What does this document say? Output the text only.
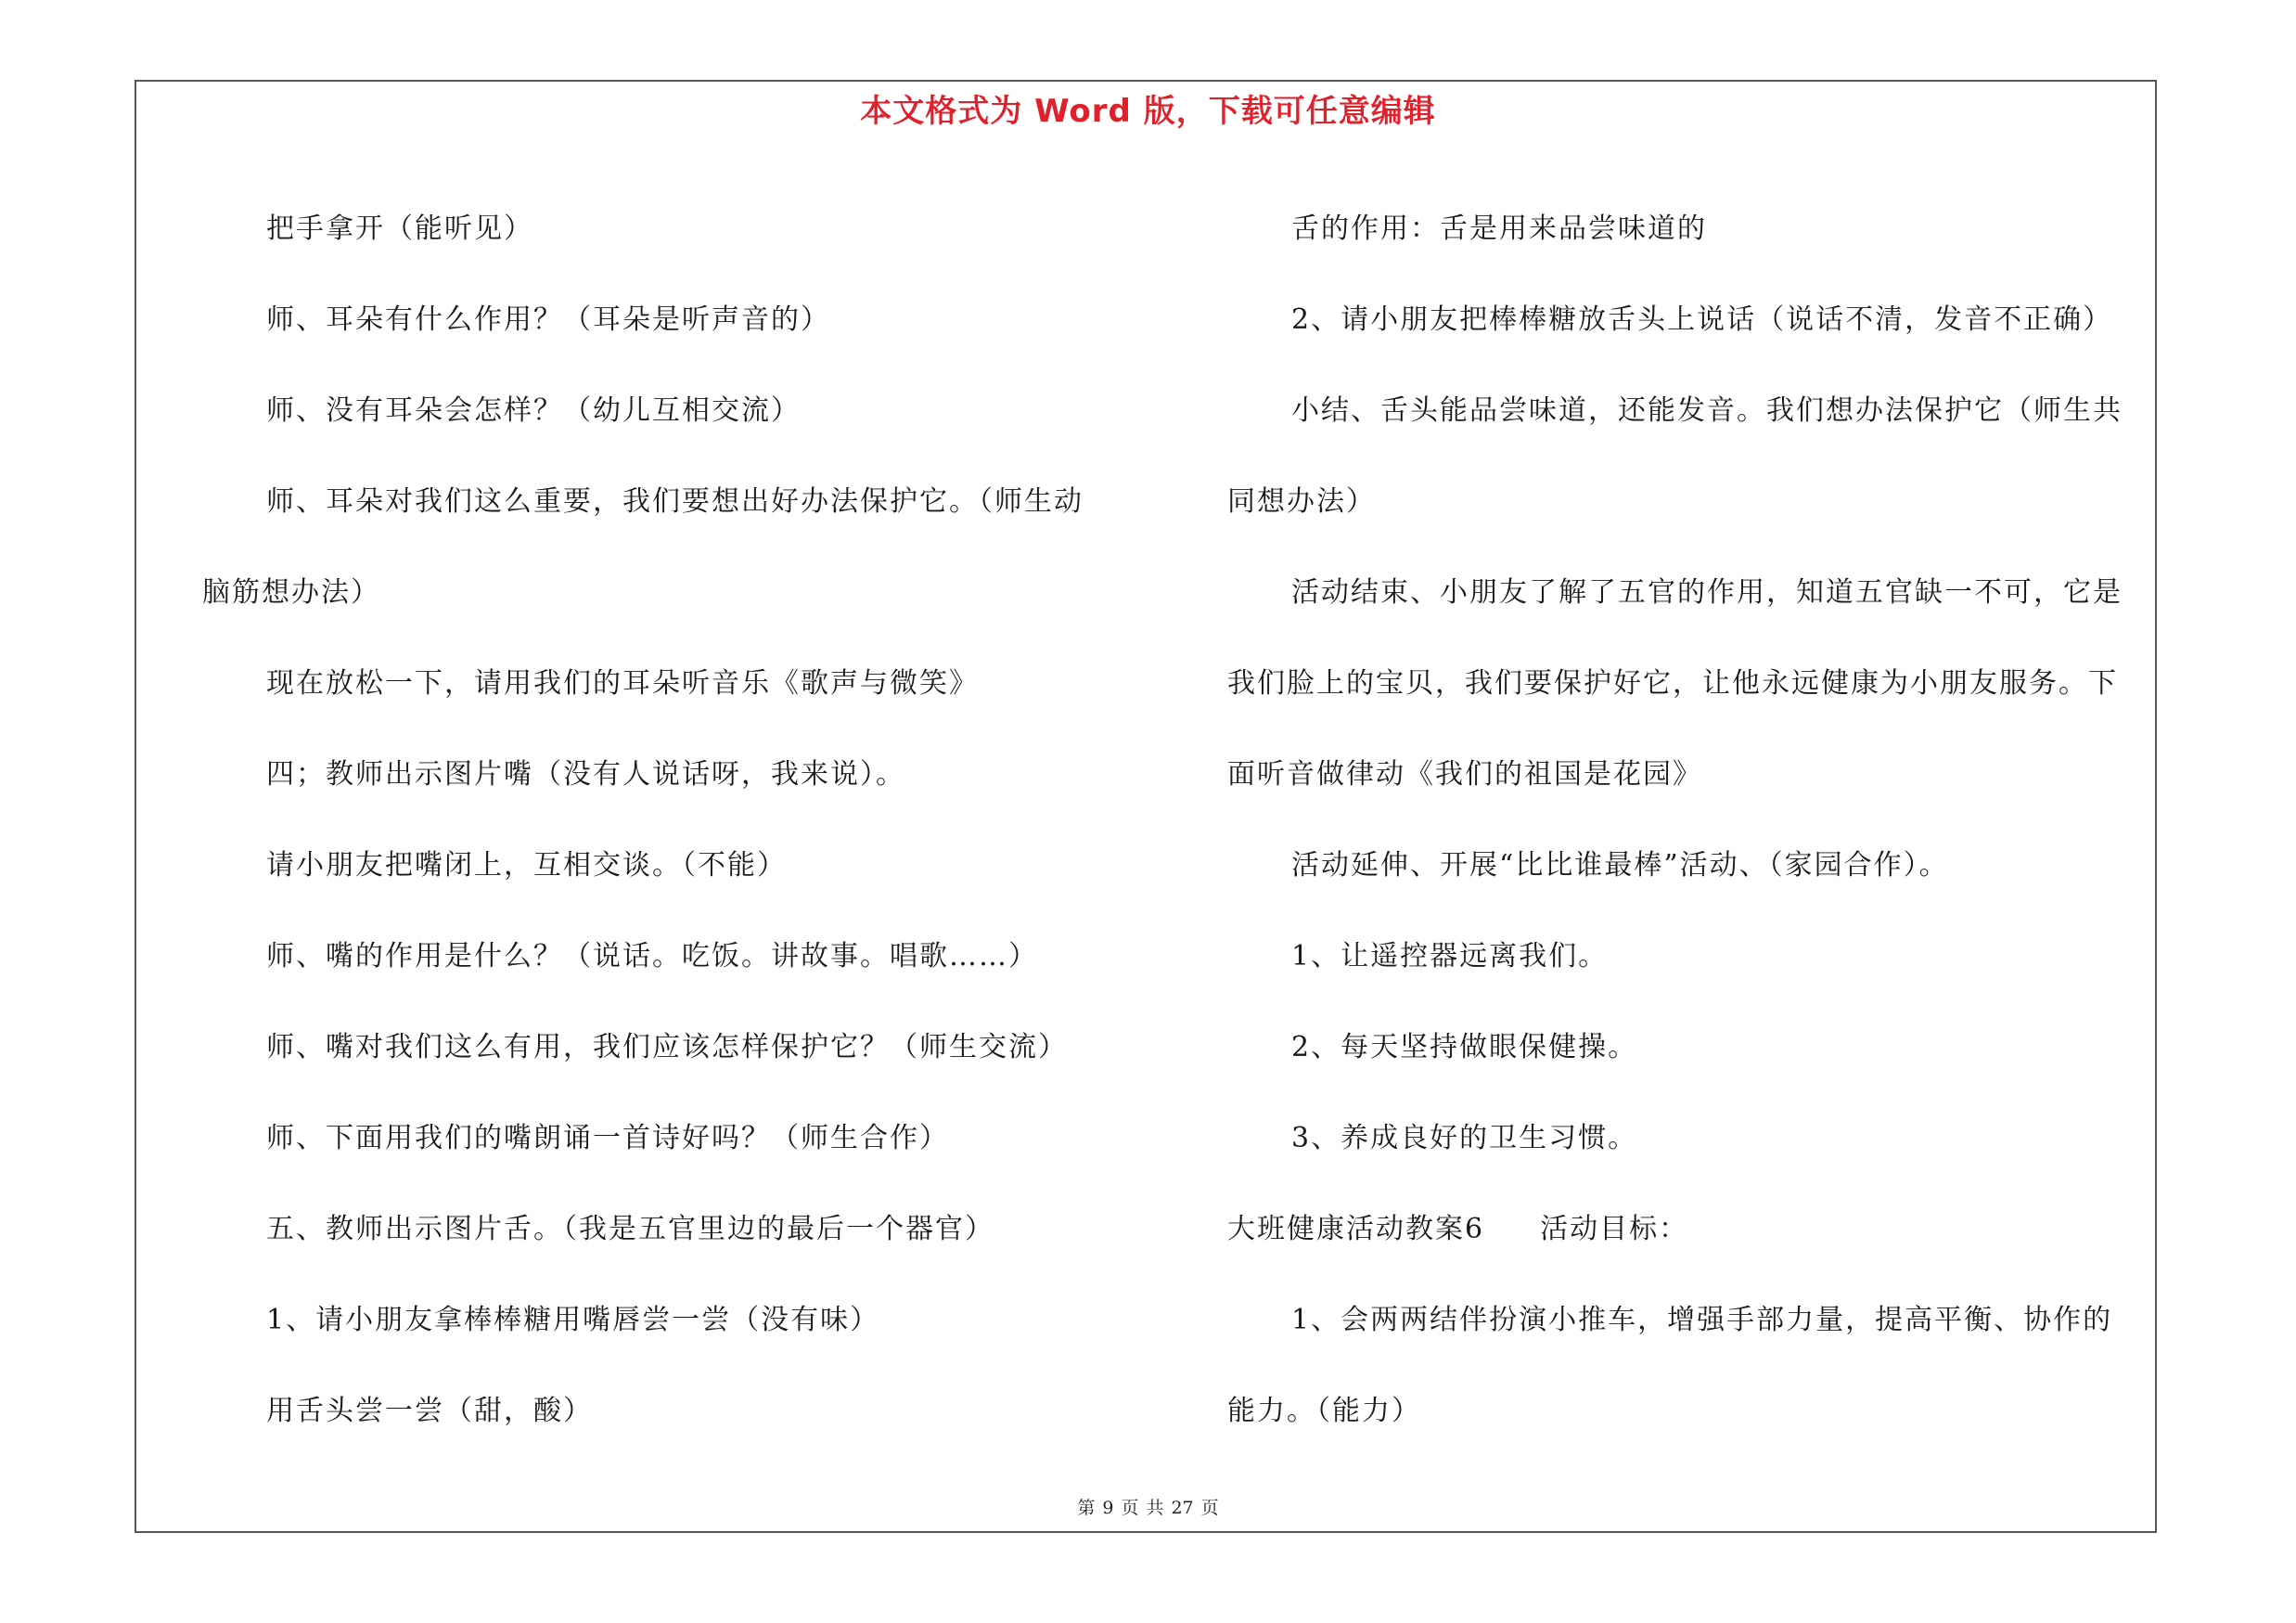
本文格式为 Word 版，下载可任意编辑
把手拿开（能听见）
师、耳朵有什么作用？（耳朵是听声音的）
师、没有耳朵会怎样？（幼儿互相交流）
师、耳朵对我们这么重要，我们要想出好办法保护它。（师生动
脑筋想办法）
现在放松一下，请用我们的耳朵听音乐《歌声与微笑》
四；教师出示图片嘴（没有人说话呀，我来说）。
请小朋友把嘴闭上，互相交谈。（不能）
师、嘴的作用是什么？（说话。吃饭。讲故事。唱歌……）
师、嘴对我们这么有用，我们应该怎样保护它？（师生交流）
师、下面用我们的嘴朗诵一首诗好吗？（师生合作）
五、教师出示图片舌。（我是五官里边的最后一个器官）
1、请小朋友拿棒棒糖用嘴唇尝一尝（没有味）
用舌头尝一尝（甜，酸）
舌的作用：舌是用来品尝味道的
2、请小朋友把棒棒糖放舌头上说话（说话不清，发音不正确）
小结、舌头能品尝味道，还能发音。我们想办法保护它（师生共
同想办法）
活动结束、小朋友了解了五官的作用，知道五官缺一不可，它是
我们脸上的宝贝，我们要保护好它，让他永远健康为小朋友服务。下
面听音做律动《我们的祖国是花园》
活动延伸、开展“比比谁最棒”活动、（家园合作）。
1、让遥控器远离我们。
2、每天坚持做眼保健操。
3、养成良好的卫生习惯。
大班健康活动教案6 活动目标：
1、会两两结伴扮演小推车，增强手部力量，提高平衡、协作的
能力。（能力）
第 9 页 共 27 页
